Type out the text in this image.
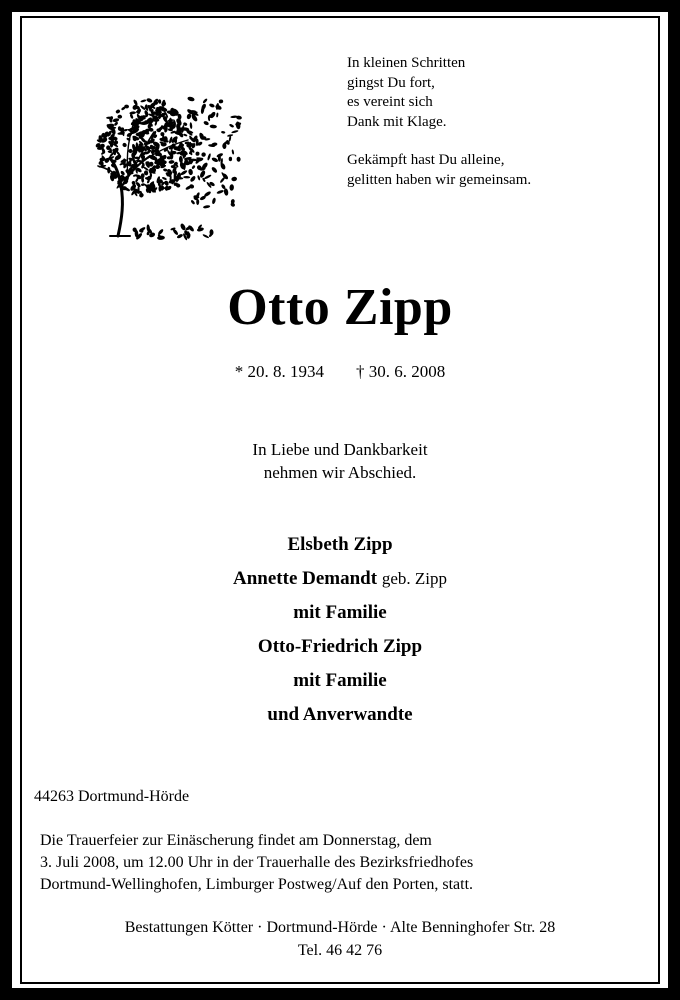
In kleinen Schritten
gingst Du fort,
es vereint sich
Dank mit Klage.
Gekämpft hast Du alleine,
gelitten haben wir gemeinsam.
Otto Zipp
* 20. 8. 1934 † 30. 6. 2008
In Liebe und Dankbarkeit
nehmen wir Abschied.
Elsbeth Zipp
Annette Demandt geb. Zipp
mit Familie
Otto-Friedrich Zipp
mit Familie
und Anverwandte
44263 Dortmund-Hörde
Die Trauerfeier zur Einäscherung findet am Donnerstag, dem
3. Juli 2008, um 12.00 Uhr in der Trauerhalle des Bezirksfriedhofes
Dortmund-Wellinghofen, Limburger Postweg/Auf den Porten, statt.
Bestattungen Kötter · Dortmund-Hörde · Alte Benninghofer Str. 28
Tel. 46 42 76
